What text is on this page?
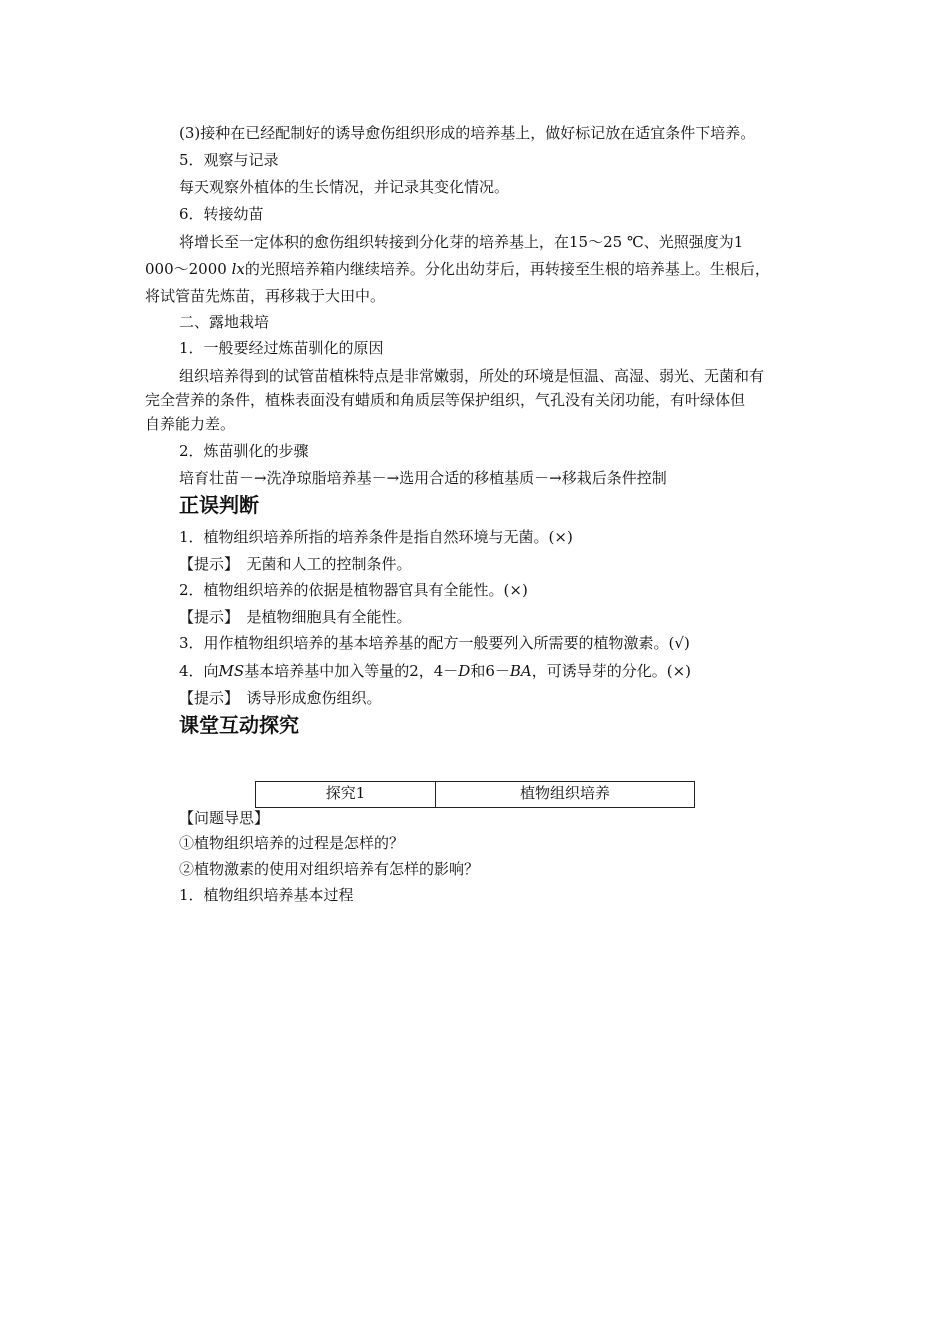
(3)接种在已经配制好的诱导愈伤组织形成的培养基上，做好标记放在适宜条件下培养。
5．观察与记录
每天观察外植体的生长情况，并记录其变化情况。
6．转接幼苗
将增长至一定体积的愈伤组织转接到分化芽的培养基上，在15～25 ℃、光照强度为1
000～2000 lx的光照培养箱内继续培养。分化出幼芽后，再转接至生根的培养基上。生根后，
将试管苗先炼苗，再移栽于大田中。
二、露地栽培
1．一般要经过炼苗驯化的原因
组织培养得到的试管苗植株特点是非常嫩弱，所处的环境是恒温、高湿、弱光、无菌和有
完全营养的条件，植株表面没有蜡质和角质层等保护组织，气孔没有关闭功能，有叶绿体但
自养能力差。
2．炼苗驯化的步骤
培育壮苗－→洗净琼脂培养基－→选用合适的移植基质－→移栽后条件控制
正误判断
1．植物组织培养所指的培养条件是指自然环境与无菌。(×)
【提示】　无菌和人工的控制条件。
2．植物组织培养的依据是植物器官具有全能性。(×)
【提示】　是植物细胞具有全能性。
3．用作植物组织培养的基本培养基的配方一般要列入所需要的植物激素。(√)
4．向MS基本培养基中加入等量的2，4－D和6－BA，可诱导芽的分化。(×)
【提示】　诱导形成愈伤组织。
课堂互动探究
探究1	植物组织培养
【问题导思】
①植物组织培养的过程是怎样的？
②植物激素的使用对组织培养有怎样的影响？
1．植物组织培养基本过程
